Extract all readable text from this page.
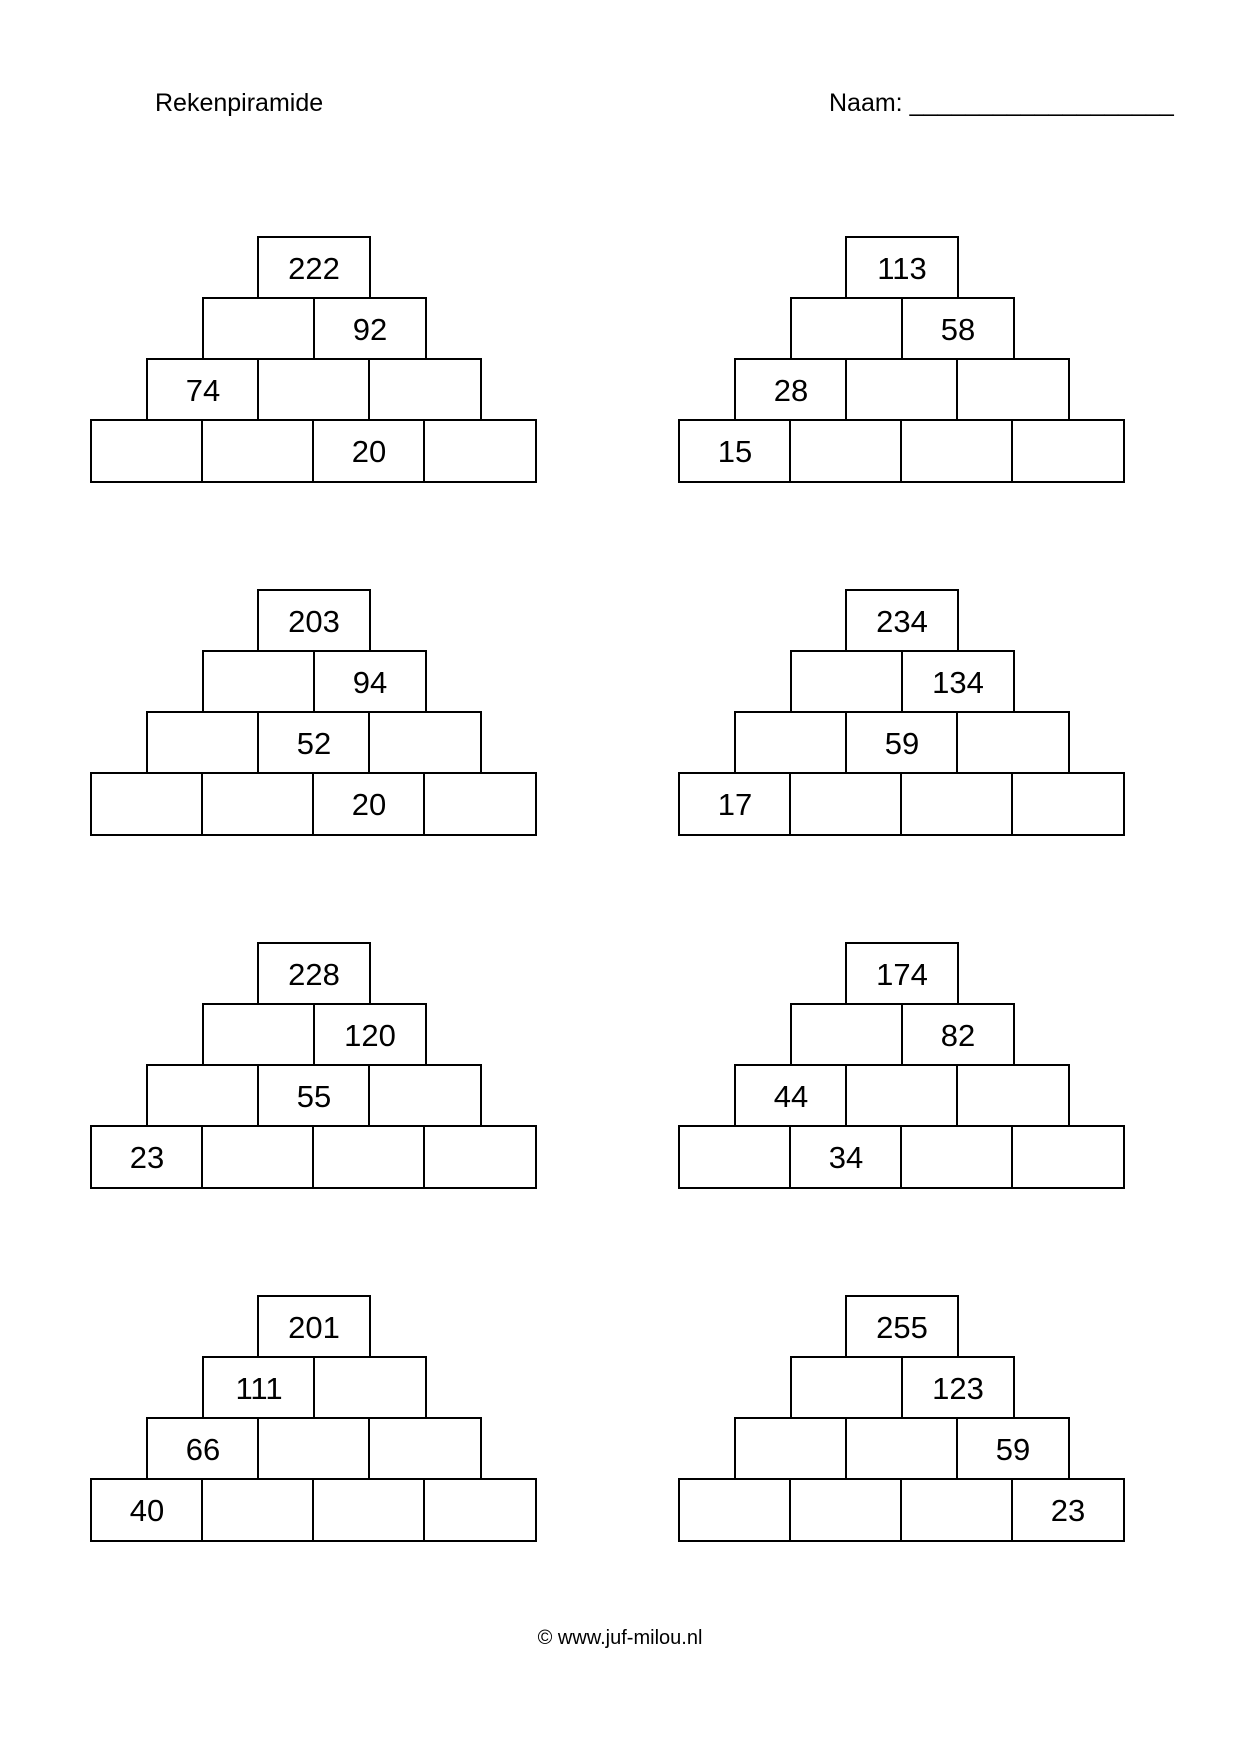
Rekenpiramide	Naam: ___________________
222
92
74
20
113
58
28
15
203
94
52
20
234
134
59
17
228
120
55
23
174
82
44
34
201
111
66
40
255
123
59
23
© www.juf-milou.nl
